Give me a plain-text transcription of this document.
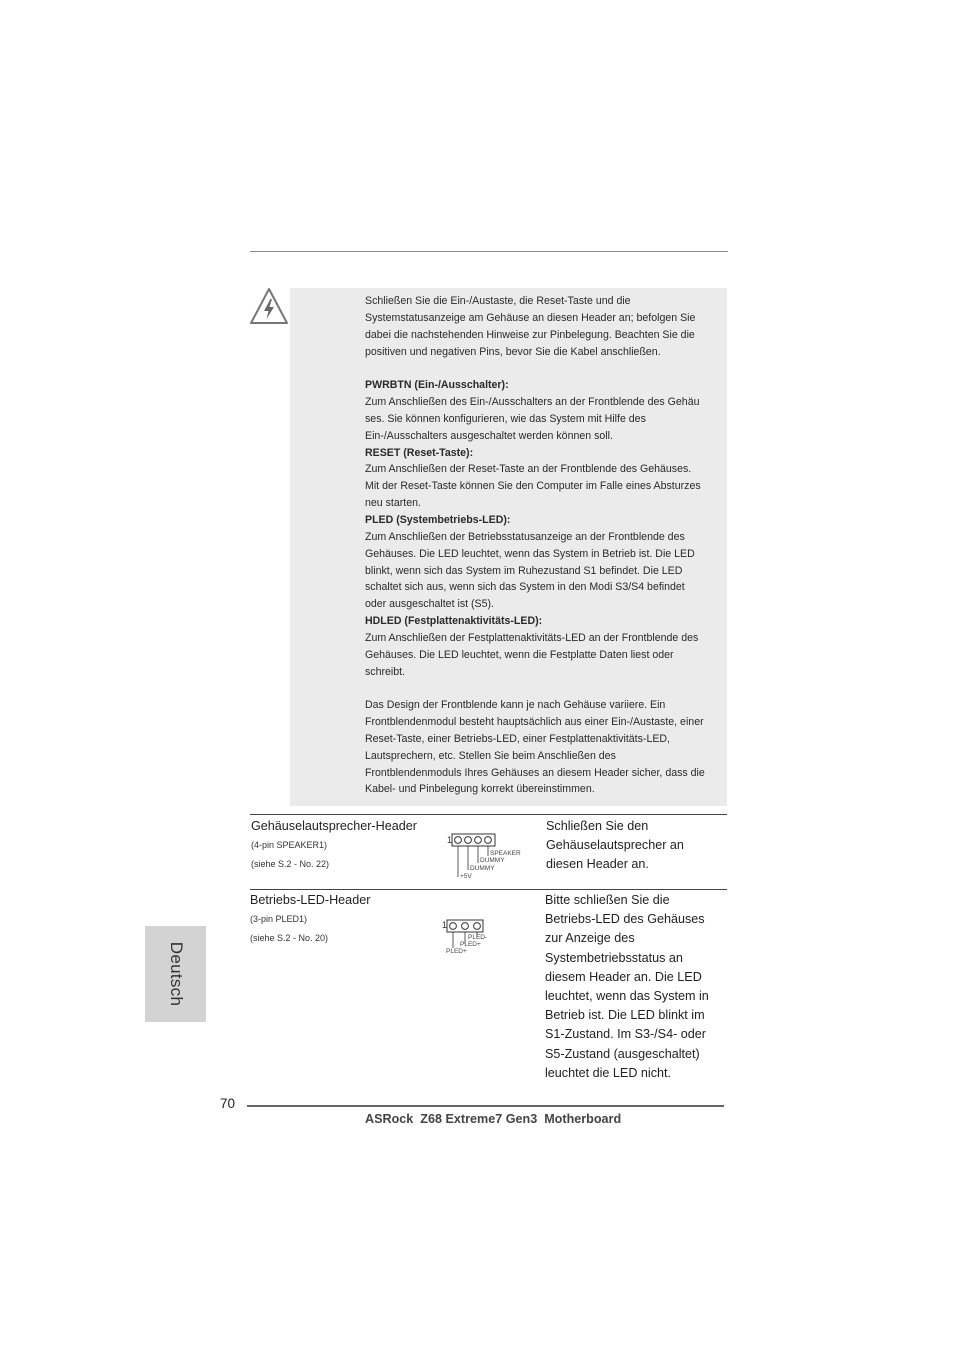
Schließen Sie die Ein-/Austaste, die Reset-Taste und die

Systemstatusanzeige am Gehäuse an diesen Header an; befolgen Sie

dabei die nachstehenden Hinweise zur Pinbelegung. Beachten Sie die

positiven und negativen Pins, bevor Sie die Kabel anschließen.

PWRBTN (Ein-/Ausschalter):

Zum Anschließen des Ein-/Ausschalters an der Frontblende des Gehäu

ses. Sie können konfigurieren, wie das System mit Hilfe des

Ein-/Ausschalters ausgeschaltet werden können soll.

RESET (Reset-Taste):

Zum Anschließen der Reset-Taste an der Frontblende des Gehäuses.

Mit der Reset-Taste können Sie den Computer im Falle eines Absturzes

neu starten.

PLED (Systembetriebs-LED):

Zum Anschließen der Betriebsstatusanzeige an der Frontblende des

Gehäuses. Die LED leuchtet, wenn das System in Betrieb ist. Die LED

blinkt, wenn sich das System im Ruhezustand S1 befindet. Die LED

schaltet sich aus, wenn sich das System in den Modi S3/S4 befindet

oder ausgeschaltet ist (S5).

HDLED (Festplattenaktivitäts-LED):

Zum Anschließen der Festplattenaktivitäts-LED an der Frontblende des

Gehäuses. Die LED leuchtet, wenn die Festplatte Daten liest oder

schreibt.

Das Design der Frontblende kann je nach Gehäuse variiere. Ein

Frontblendenmodul besteht hauptsächlich aus einer Ein-/Austaste, einer

Reset-Taste, einer Betriebs-LED, einer Festplattenaktivitäts-LED,

Lautsprechern, etc. Stellen Sie beim Anschließen des

Frontblendenmoduls Ihres Gehäuses an diesem Header sicher, dass die

Kabel- und Pinbelegung korrekt übereinstimmen.

Gehäuselautsprecher-Header
(4-pin SPEAKER1)
(siehe S.2 - No. 22)
1
SPEAKER
DUMMY
DUMMY
+5V
Schließen Sie den
Gehäuselautsprecher an
diesen Header an.
Betriebs-LED-Header
(3-pin PLED1)
(siehe S.2 - No. 20)
1
PLED-
PLED+
PLED+
Bitte schließen Sie die
Betriebs-LED des Gehäuses
zur Anzeige des
Systembetriebsstatus an
diesem Header an. Die LED
leuchtet, wenn das System in
Betrieb ist. Die LED blinkt im
S1-Zustand. Im S3-/S4- oder
S5-Zustand (ausgeschaltet)
leuchtet die LED nicht.
Deutsch
70
ASRock  Z68 Extreme7 Gen3  Motherboard
